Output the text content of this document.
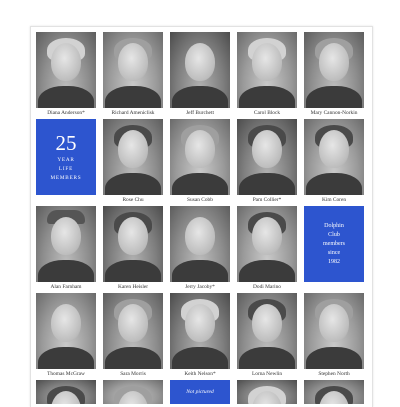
Diana Anderson*	Richard Ameniclisk	Jeff Burchett	Carol Block	Mary Cannon-Norkin
25
YEAR
LIFE
MEMBERS
Rose Chu	Susan Cobb	Pam Collier*	Kim Coren
Alan Farnham	Karen Heisler	Jerry Jacoby*	Dodi Marino
Dolphin
Club
members
since
1982
Thomas McGraw	Sara Morris	Keith Nelson*	Lorna Newlin	Stephen North
Not pictured
